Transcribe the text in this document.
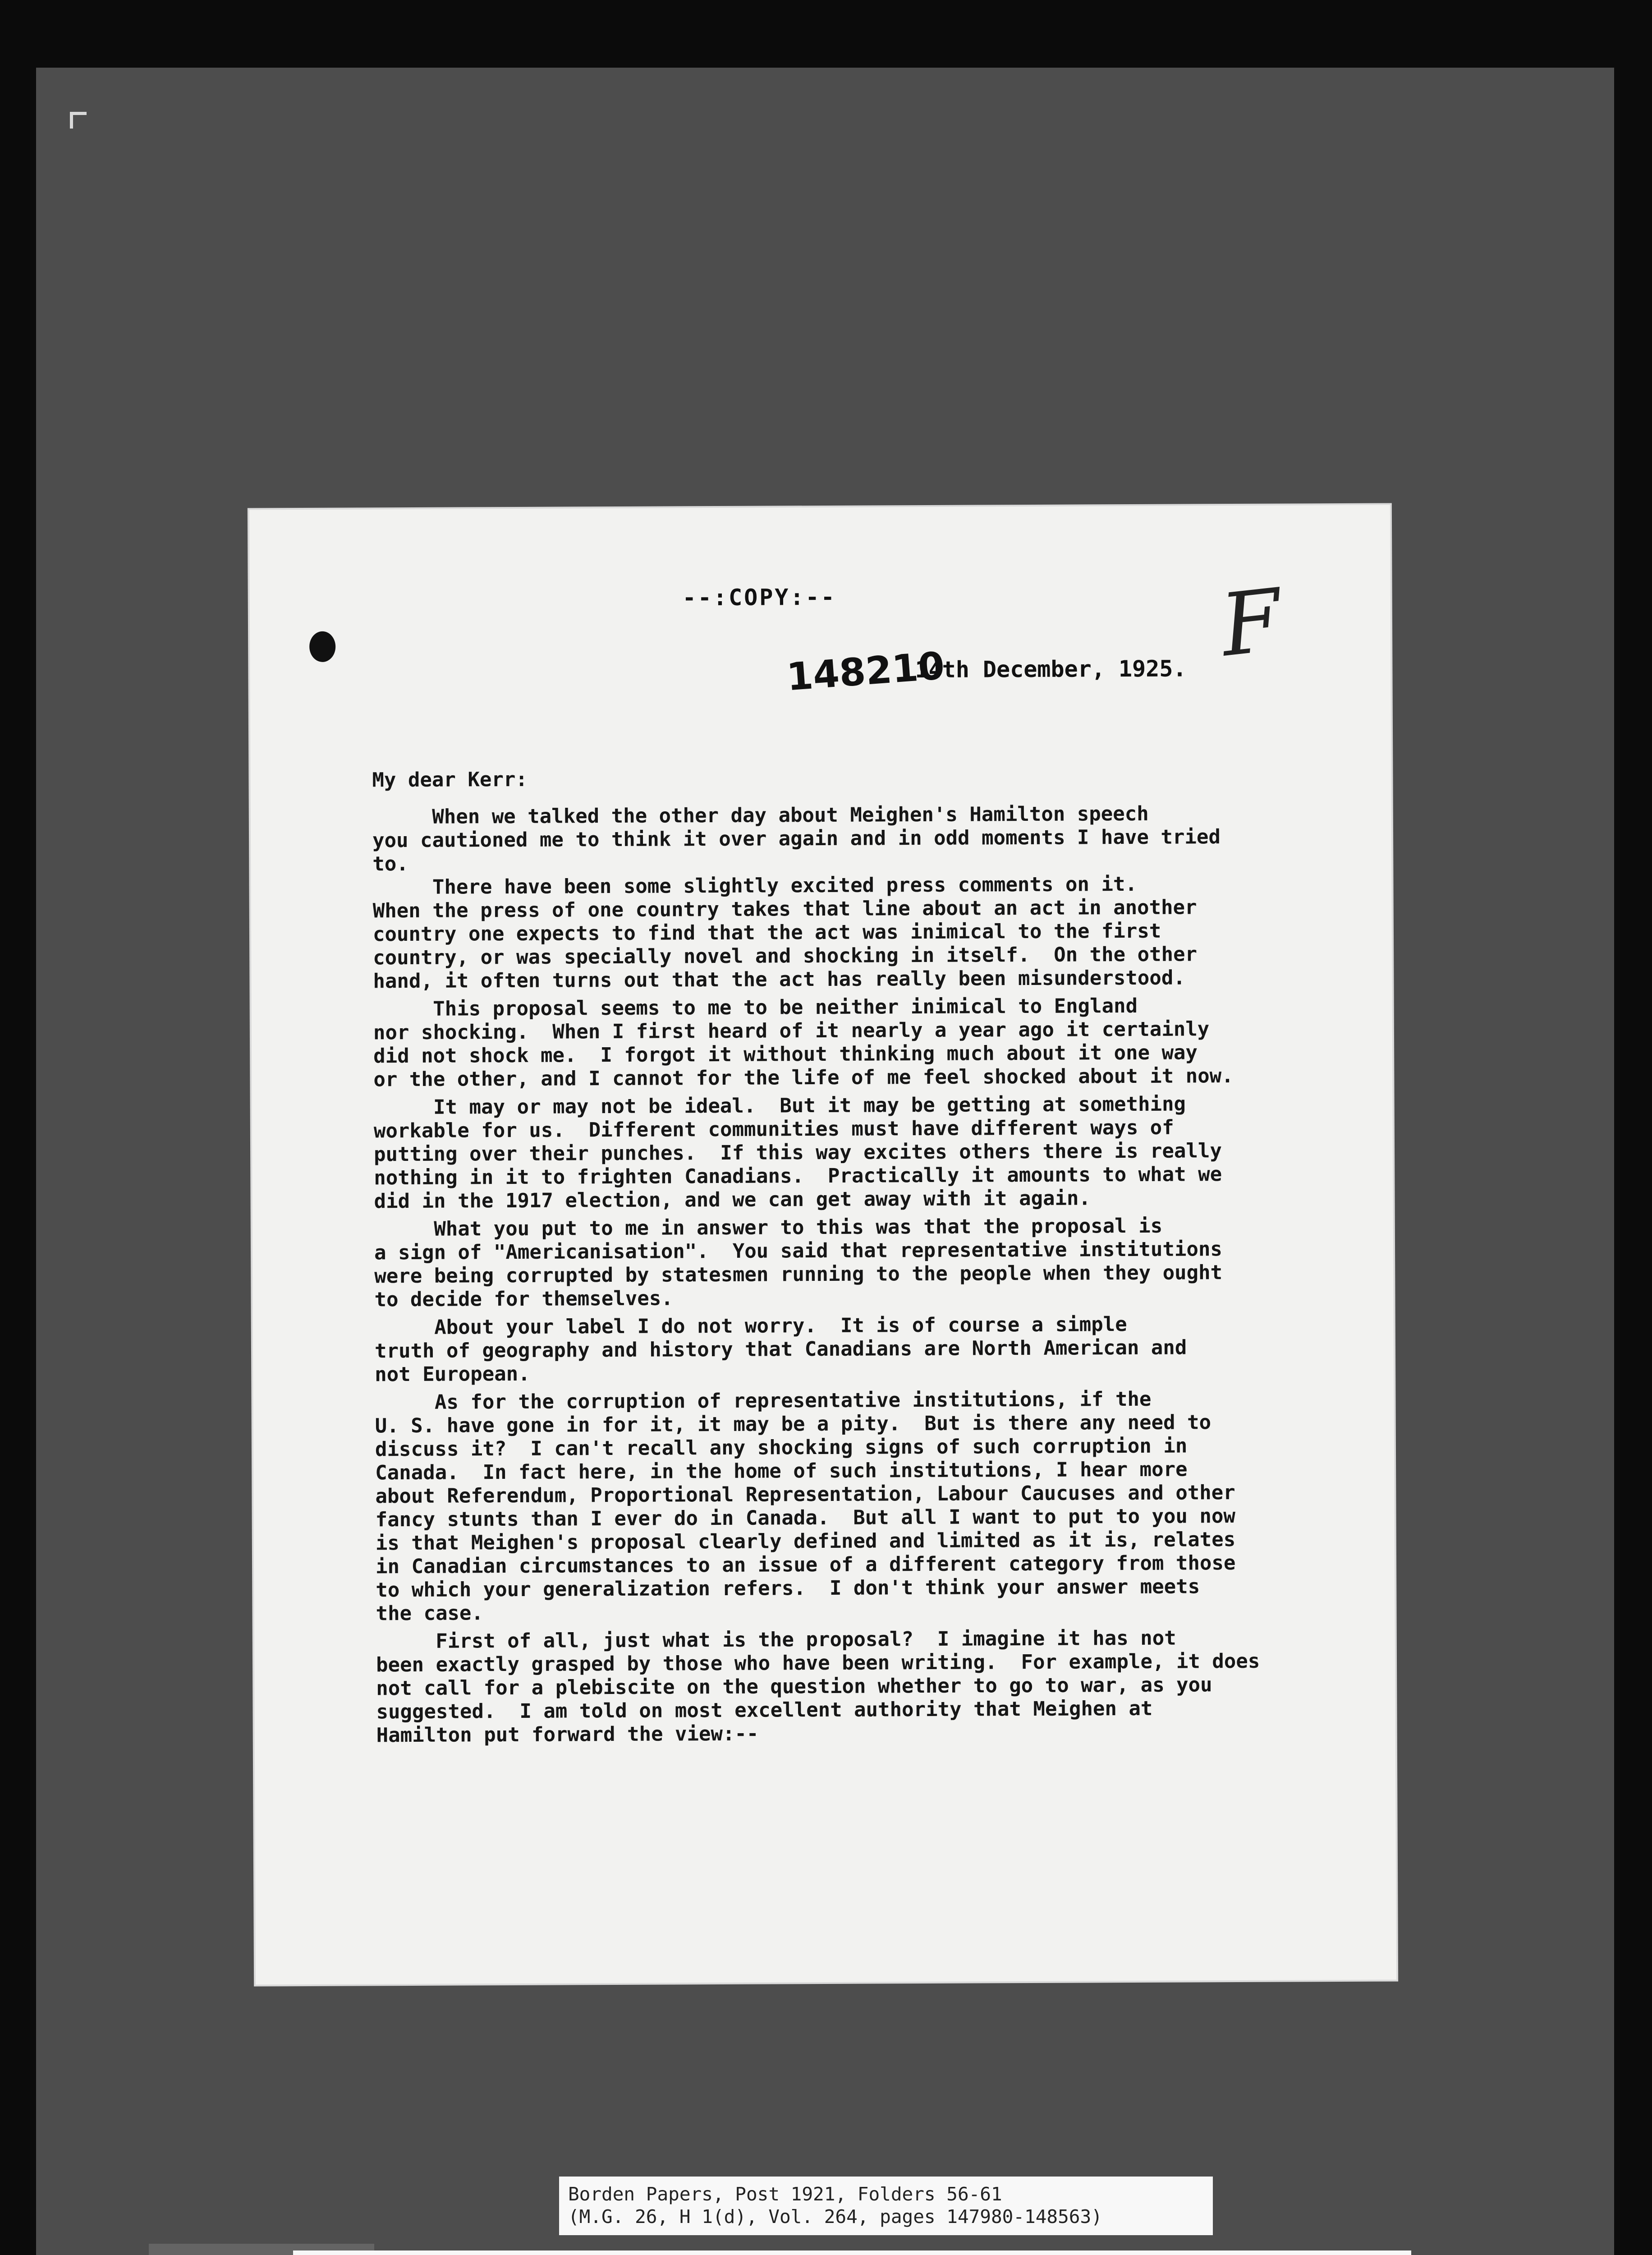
--:COPY:--	F
148210
14th December, 1925.
My dear Kerr:
When we talked the other day about Meighen's Hamilton speech
you cautioned me to think it over again and in odd moments I have tried
to.
There have been some slightly excited press comments on it.
When the press of one country takes that line about an act in another
country one expects to find that the act was inimical to the first
country, or was specially novel and shocking in itself.  On the other
hand, it often turns out that the act has really been misunderstood.
This proposal seems to me to be neither inimical to England
nor shocking.  When I first heard of it nearly a year ago it certainly
did not shock me.  I forgot it without thinking much about it one way
or the other, and I cannot for the life of me feel shocked about it now.
It may or may not be ideal.  But it may be getting at something
workable for us.  Different communities must have different ways of
putting over their punches.  If this way excites others there is really
nothing in it to frighten Canadians.  Practically it amounts to what we
did in the 1917 election, and we can get away with it again.
What you put to me in answer to this was that the proposal is
a sign of "Americanisation".  You said that representative institutions
were being corrupted by statesmen running to the people when they ought
to decide for themselves.
About your label I do not worry.  It is of course a simple
truth of geography and history that Canadians are North American and
not European.
As for the corruption of representative institutions, if the
U. S. have gone in for it, it may be a pity.  But is there any need to
discuss it?  I can't recall any shocking signs of such corruption in
Canada.  In fact here, in the home of such institutions, I hear more
about Referendum, Proportional Representation, Labour Caucuses and other
fancy stunts than I ever do in Canada.  But all I want to put to you now
is that Meighen's proposal clearly defined and limited as it is, relates
in Canadian circumstances to an issue of a different category from those
to which your generalization refers.  I don't think your answer meets
the case.
First of all, just what is the proposal?  I imagine it has not
been exactly grasped by those who have been writing.  For example, it does
not call for a plebiscite on the question whether to go to war, as you
suggested.  I am told on most excellent authority that Meighen at
Hamilton put forward the view:--
Borden Papers, Post 1921, Folders 56-61
(M.G. 26, H 1(d), Vol. 264, pages 147980-148563)
